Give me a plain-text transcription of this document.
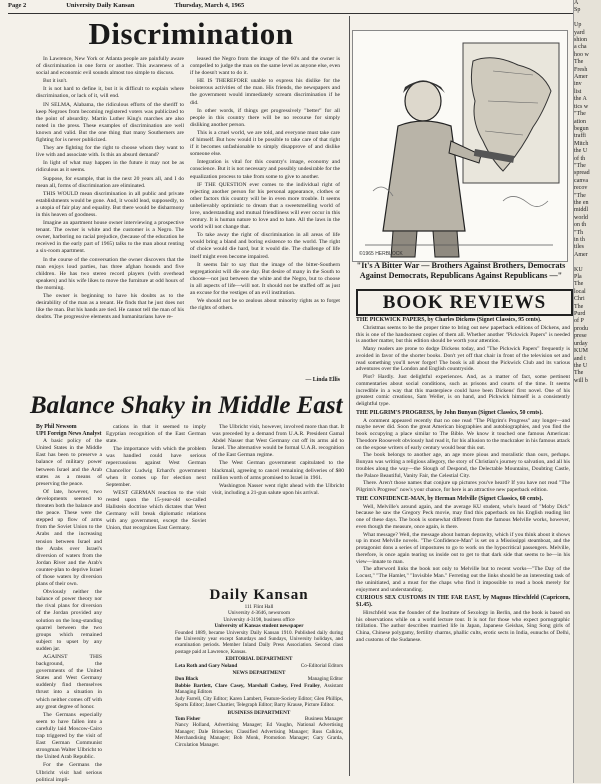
Page 2	University Daily Kansan	Thursday, March 4, 1965
Discrimination

In Lawrence, New York or Atlanta people are painfully aware of discrimination in one form or another. This awareness of a social and economic evil sounds almost too simple to discuss.

But it isn't.

It is not hard to define it, but it is difficult to explain where discrimination, or lack of it, will end.

IN SELMA, Alabama, the ridiculous efforts of the sheriff to keep Negroes from becoming registered voters was publicized to the point of absurdity. Martin Luther King's marches are also noted in the press. These examples of discrimination are well known and valid. But the one thing that many Southerners are fighting for is never publicized.

They are fighting for the right to choose whom they want to live with and associate with. Is this an absurd demand?

In light of what may happen in the future it may not be as ridiculous as it seems.

Suppose, for example, that in the next 20 years all, and I do mean all, forms of discrimination are eliminated.

THIS WOULD mean discrimination in all public and private establishments would be gone. And, it would lead, supposedly, to a utopia of fair play and equality. But there would be disharmony in this heaven of goodness.

Imagine an apartment house owner interviewing a prospective tenant. The owner is white and the customer is a Negro. The owner, harboring no racial prejudice, (because of the education he received in the early part of 1965) talks to the man about renting a six-room apartment.

In the course of the conversation the owner discovers that the man enjoys loud parties, has three afghan hounds and five children. He has two stereo record players (with overhead speakers) and his wife likes to move the furniture at odd hours of the morning.

The owner is beginning to have his doubts as to the desirability of the man as a tenant. He finds that he just does not like the man. But his hands are tied. He cannot tell the man of his doubts. The progressive elements and humanitarians have re-

leased the Negro from the image of the 60's and the owner is compelled to judge the man on the same level as anyone else, even if he doesn't want to do it.

HE IS THEREFORE unable to express his dislike for the boisterous activities of the man. His friends, the newspapers and the government would immediately scream discrimination if he did.

In other words, if things get progressively "better" for all people in this country there will be no recourse for simply disliking another person.

This is a cruel world, we are told, and everyone must take care of himself. But how would it be possible to take care of that right if it becomes unfashionable to simply disapprove of and dislike someone else.

Integration is vital for this country's image, economy and conscience. But it is not necessary and possibly undesirable for the equalization process to take from some to give to another.

IF THE QUESTION ever comes to the individual right of rejecting another person for his personal appearance, clothes or other factors this country will be in even more trouble. It seems unbelievably optimistic to dream that a sweetsmelling world of love, understanding and mutual friendliness will ever occur in this century. It is human nature to love and to hate. All the laws in the world will not change that.

To take away the right of discrimination in all areas of life would bring a bland and boring existence to the world. The right of choice would die hard, but it would die. The challenge of life itself might even become impaired.

It seems fair to say that the image of the bitter-Southern segregationist will die one day. But desire of many in the South to choose—not just between the white and the Negro, but to choose in all aspects of life—will not. It should not be stuffed off as just an excuse for the vestiges of an evil institution.

We should not be so zealous about minority rights as to forget the rights of others.

— Linda Ellis
Balance Shaky in Middle East
By Phil Newsom
UPI Foreign News Analyst

A basic policy of the United States in the Middle East has been to preserve a balance of military power between Israel and the Arab states as a means of preserving the peace.

Of late, however, two developments seemed to threaten both the balance and the peace. These were the stepped up flow of arms from the Soviet Union to the Arabs and the increasing tension between Israel and the Arabs over Israel's diversion of waters from the Jordan River and the Arab's counter-plan to deprive Israel of those waters by diversion plans of their own.

Obviously neither the balance of power theory nor the rival plans for diversion of the Jordan provided any solution on the long-standing quarrel between the two groups which remained subject to upset by any sudden jar.

AGAINST THIS background, the governments of the United States and West Germany suddenly find themselves thrust into a situation in which neither comes off with any great degree of honor.

The Germans especially seem to have fallen into a carefully laid Moscow-Cairo trap triggered by the visit of East German Communist strongman Walter Ulbricht to the United Arab Republic.

For the Germans the Ulbricht visit had serious political impli-

cations in that it seemed to imply Egyptian recognition of the East German state.

The importance with which the problem was handled could have serious repercussions against West German Chancellor Ludwig Erhard's government when it comes up for election next September.

WEST GERMAN reaction to the visit rested upon the 15-year-old so-called Hallstein doctrine which dictates that West Germany will break diplomatic relations with any government, except the Soviet Union, that recognizes East Germany.

The Ulbricht visit, however, involved more than that. It was preceded by a demand from U.A.R. President Gamal Abdel Nasser that West Germany cut off its arms aid to Israel. The alternative would be formal U.A.R. recognition of the East German regime.

The West German government capitulated to the blackmail, agreeing to cancel remaining deliveries of $80 million worth of arms promised to Israel in 1961.

Washington Nasser went right ahead with the Ulbricht visit, including a 21-gun salute upon his arrival.

Daily Kansan
111 Flint Hall
University 4-3646, newsroom
University 4-3198, business office
University of Kansas student newspaper
Founded 1889, became University Daily Kansan 1910. Published daily during the University year except Saturdays and Sundays, University holidays, and examination periods. Member Inland Daily Press Association. Second class postage paid at Lawrence, Kansas.
EDITORIAL DEPARTMENT
Leta Roth and Gary Noland	Co-Editorial Editors
NEWS DEPARTMENT
Don Black	Managing Editor
Bobbie Bartlett, Clare Casey, Marshall Cashey, Fred Frailey, Assistant Managing Editors
Judy Farrell, City Editor; Karen Lambert, Feature-Society Editor; Glen Phillips, Sports Editor; Janet Chartier, Telegraph Editor; Barry Krause, Picture Editor.
BUSINESS DEPARTMENT
Tom Fisher	Business Manager
Nancy Holland, Advertising Manager; Ed Vaughn, National Advertising Manager; Dale Brinecker, Classified Advertising Manager; Russ Calkins, Merchandising Manager; Bob Monk, Promotion Manager; Gary Grarda, Circulation Manager.
©1965 HERBLOCK
"It's A Bitter War — Brothers Against Brothers, Democrats Against Democrats, Republicans Against Republicans —"
BOOK REVIEWS
THE PICKWICK PAPERS, by Charles Dickens (Signet Classics, 95 cents).

Christmas seems to be the proper time to bring out new paperback editions of Dickens, and this is one of the handsomest copies of them all. Whether another "Pickwick Papers" is needed is another matter, but this edition should be worth your attention.

Many readers are prone to dodge Dickens today, and "The Pickwick Papers" frequently is avoided in favor of the shorter books. Don't yet off that chair in front of the television set and read something you'll never forget! The book is all about the Pickwick Club and its various adventures over the London and English countryside.

Plot? Hardly. Just delightful experiences. And, as a matter of fact, some pertinent commentaries about social conditions, such as prisons and courts of the time. It seems incredible in a way that this masterpiece could have been Dickens' first novel. One of his greatest comic creations, Sam Weller, is on hand, and Pickwick himself is a consistently delightful type.

THE PILGRIM'S PROGRESS, by John Bunyan (Signet Classics, 50 cents).

A comment appeared recently that no one read "The Pilgrim's Progress" any longer—and maybe never did. Soon the great American biographies and autobiographies, and you find the book occupying a place similar to The Bible. We know it touched one famous American: Theodore Roosevelt obviously had read it, for his allusion to the muckraker in his famous attack on the expose writers of early century would bear this out.

The book belongs to another age, an age more pious and moralistic than ours, perhaps. Bunyan was writing a religious allegory, the story of Christian's journey to salvation, and all his troubles along the way—the Slough of Despond, the Delectable Mountains, Doubting Castle, the Palace Beautiful, Vanity Fair, the Celestial City.

There. Aren't those names that conjure up pictures you've heard? If you have not read "The Pilgrim's Progress" now's your chance, for here is an attractive new paperback edition.

THE CONFIDENCE-MAN, by Herman Melville (Signet Classics, 60 cents).

Well, Melville's around again, and the average KU student, who's heard of "Moby Dick" because he saw the Gregory Peck movie, may find this paperback on his English reading list one of these days. The book is somewhat different from the famous Melville works, however, even though the measure, once again, is there.

What message? Well, the message about human depravity, which if you think about it shows up in most Melville novels. "The Confidence-Man" is set on a Mississippi steamboat, and the protagonist dons a series of impostures to go to work on the hypocritical passengers. Melville, therefore, is once again tearing us inside out to get to that dark side that seems to be—in his view—innate to man.

The afterword links the book not only to Melville but to recent works—"The Day of the Locust," "The Hamlet," "Invisible Man." Ferreting out the links should be an interesting task of the uninitiated, and a must for the chaps who find it impossible to read a book merely for enjoyment and understanding.

CURIOUS SEX CUSTOMS IN THE FAR EAST, by Magnus Hirschfeld (Capricorn, $1.45).

Hirschfeld was the founder of the Institute of Sexology in Berlin, and the book is based on his observations while on a world lecture tour. It is not for those who expect pornographic titillation. The author describes married life in Japan, Japanese Geishas, Sing Song girls of China, Chinese polygamy, fertility charms, phallic cults, erotic sects in India, eunuchs of Delhi, and customs of the Sudanese.

A
Sp

Up
yard
shion
a cha
hoo w
The
Fresh
Amer
inv
list
the A
tics w
"The
ation
begun
traffi
Mitch
the U
of th
"The
spread
canva
recov
"The
the en
middl
world
on th
"Th
in th
tiles
Amer

KU
Pla
The
local
Chri
The
Purd
of P
produ
prese
urday
KUM
and t
the U
The
will b
